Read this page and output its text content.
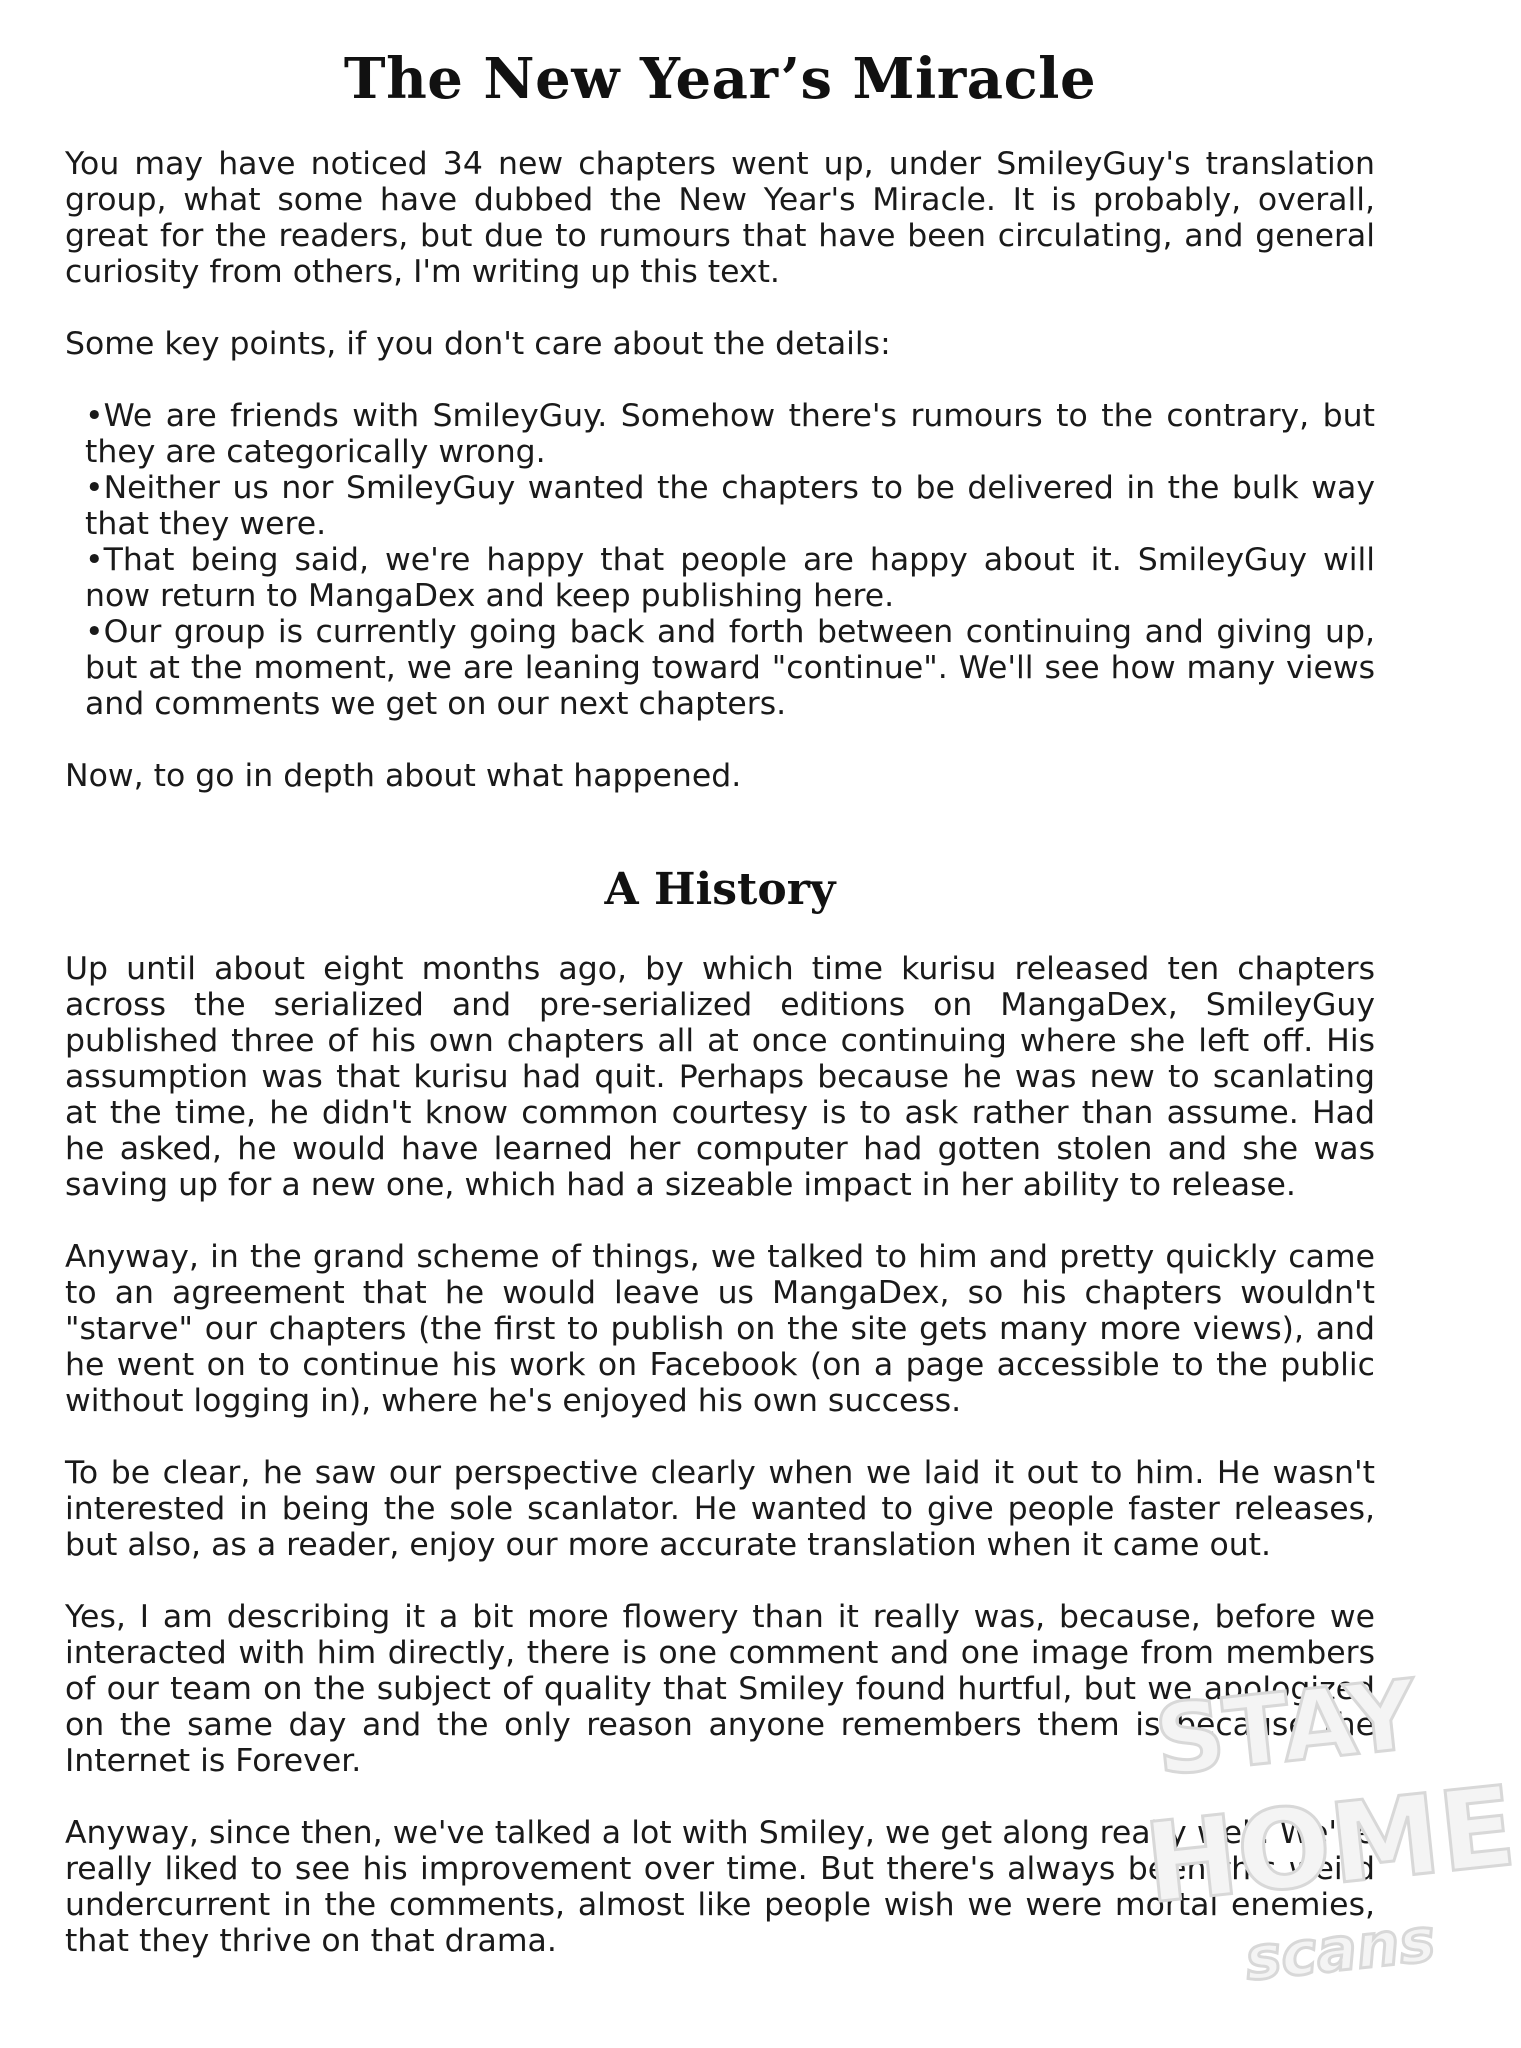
The New Year’s Miracle

You may have noticed 34 new chapters went up, under SmileyGuy's translation group, what some have dubbed the New Year's Miracle. It is probably, overall, great for the readers, but due to rumours that have been circulating, and general curiosity from others, I'm writing up this text.

Some key points, if you don't care about the details:

• We are friends with SmileyGuy. Somehow there's rumours to the contrary, but they are categorically wrong.
• Neither us nor SmileyGuy wanted the chapters to be delivered in the bulk way that they were.
• That being said, we're happy that people are happy about it. SmileyGuy will now return to MangaDex and keep publishing here.
• Our group is currently going back and forth between continuing and giving up, but at the moment, we are leaning toward "continue". We'll see how many views and comments we get on our next chapters.

Now, to go in depth about what happened.

A History

Up until about eight months ago, by which time kurisu released ten chapters across the serialized and pre-serialized editions on MangaDex, SmileyGuy published three of his own chapters all at once continuing where she left off. His assumption was that kurisu had quit. Perhaps because he was new to scanlating at the time, he didn't know common courtesy is to ask rather than assume. Had he asked, he would have learned her computer had gotten stolen and she was saving up for a new one, which had a sizeable impact in her ability to release.

Anyway, in the grand scheme of things, we talked to him and pretty quickly came to an agreement that he would leave us MangaDex, so his chapters wouldn't "starve" our chapters (the first to publish on the site gets many more views), and he went on to continue his work on Facebook (on a page accessible to the public without logging in), where he's enjoyed his own success.

To be clear, he saw our perspective clearly when we laid it out to him. He wasn't interested in being the sole scanlator. He wanted to give people faster releases, but also, as a reader, enjoy our more accurate translation when it came out.

Yes, I am describing it a bit more flowery than it really was, because, before we interacted with him directly, there is one comment and one image from members of our team on the subject of quality that Smiley found hurtful, but we apologized on the same day and the only reason anyone remembers them is because the Internet is Forever.

Anyway, since then, we've talked a lot with Smiley, we get along really well. We've really liked to see his improvement over time. But there's always been this weird undercurrent in the comments, almost like people wish we were mortal enemies, that they thrive on that drama.

STAY
HOME
scans
